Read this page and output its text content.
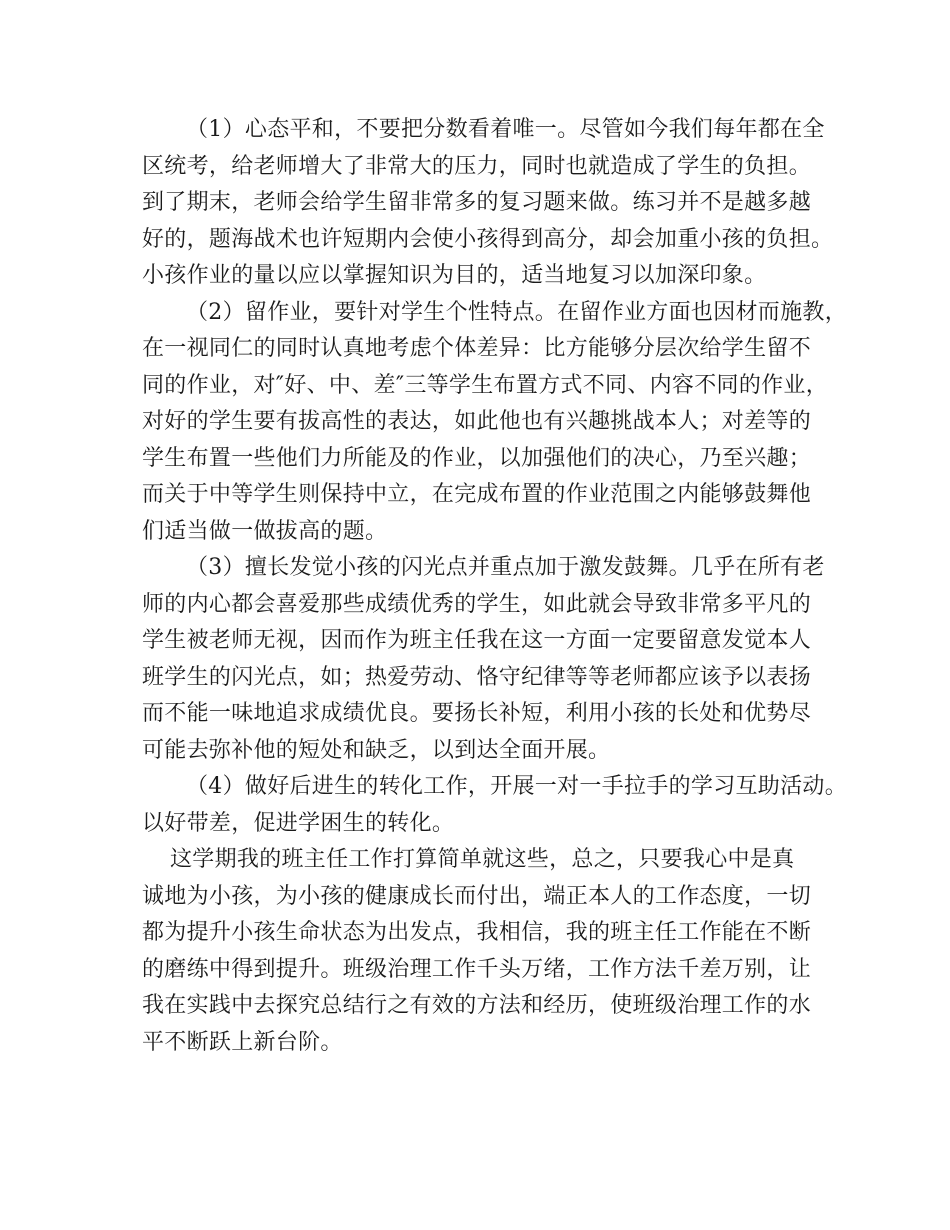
（1）心态平和，不要把分数看着唯一。尽管如今我们每年都在全
区统考，给老师增大了非常大的压力，同时也就造成了学生的负担。
到了期末，老师会给学生留非常多的复习题来做。练习并不是越多越
好的，题海战术也许短期内会使小孩得到高分，却会加重小孩的负担。
小孩作业的量以应以掌握知识为目的，适当地复习以加深印象。
（2）留作业，要针对学生个性特点。在留作业方面也因材而施教，
在一视同仁的同时认真地考虑个体差异：比方能够分层次给学生留不
同的作业，对″好、中、差″三等学生布置方式不同、内容不同的作业，
对好的学生要有拔高性的表达，如此他也有兴趣挑战本人；对差等的
学生布置一些他们力所能及的作业，以加强他们的决心，乃至兴趣；
而关于中等学生则保持中立，在完成布置的作业范围之内能够鼓舞他
们适当做一做拔高的题。
（3）擅长发觉小孩的闪光点并重点加于激发鼓舞。几乎在所有老
师的内心都会喜爱那些成绩优秀的学生，如此就会导致非常多平凡的
学生被老师无视，因而作为班主任我在这一方面一定要留意发觉本人
班学生的闪光点，如；热爱劳动、恪守纪律等等老师都应该予以表扬
而不能一味地追求成绩优良。要扬长补短，利用小孩的长处和优势尽
可能去弥补他的短处和缺乏，以到达全面开展。
（4）做好后进生的转化工作，开展一对一手拉手的学习互助活动。
以好带差，促进学困生的转化。
这学期我的班主任工作打算简单就这些，总之，只要我心中是真
诚地为小孩，为小孩的健康成长而付出，端正本人的工作态度，一切
都为提升小孩生命状态为出发点，我相信，我的班主任工作能在不断
的磨练中得到提升。班级治理工作千头万绪，工作方法千差万别，让
我在实践中去探究总结行之有效的方法和经历，使班级治理工作的水
平不断跃上新台阶。
